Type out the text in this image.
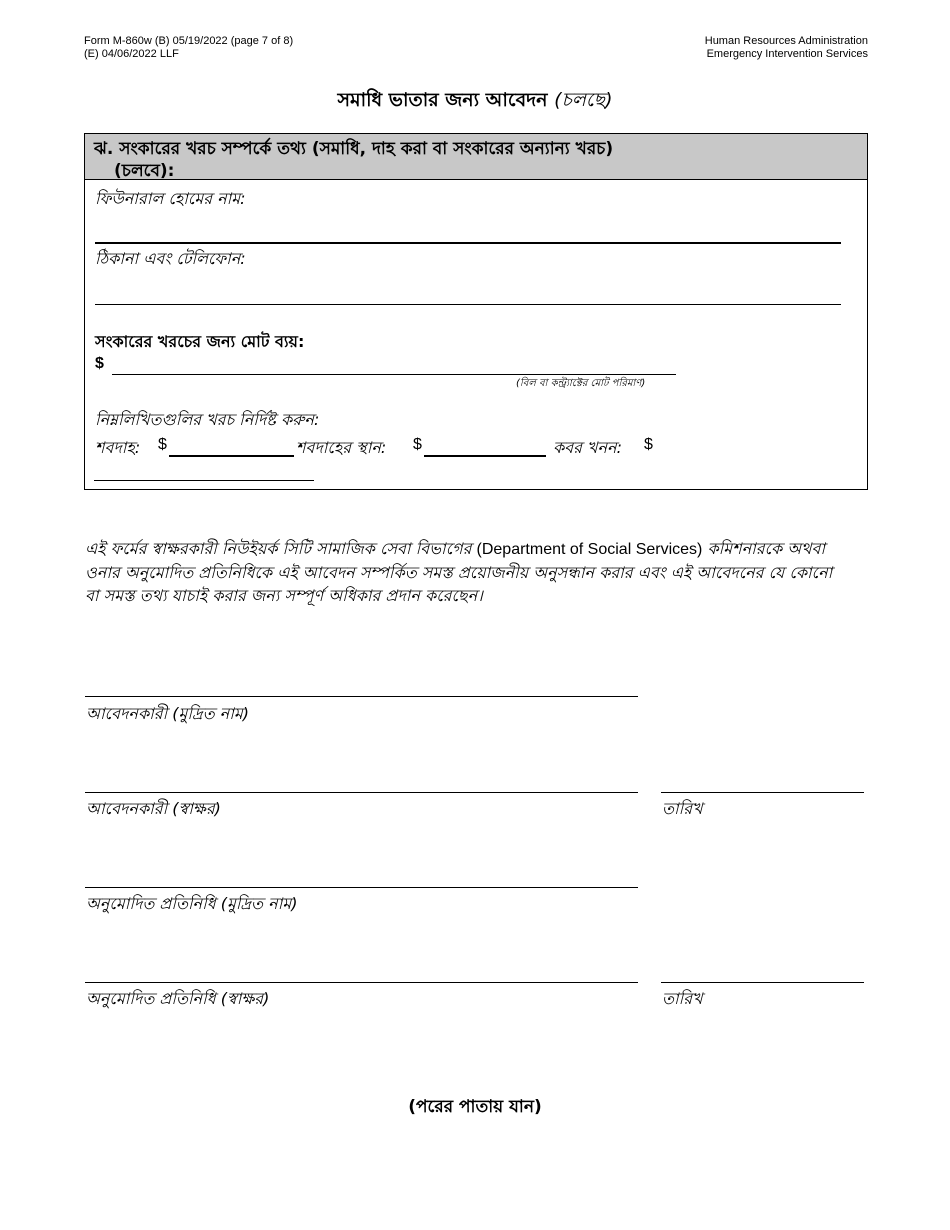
Form M-860w (B) 05/19/2022 (page 7 of 8)
(E) 04/06/2022 LLF
Human Resources Administration
Emergency Intervention Services
সমাধি ভাতার জন্য আবেদন (চলছে)
ঝ. সংকারের খরচ সম্পর্কে তথ্য (সমাধি, দাহ করা বা সংকারের অন্যান্য খরচ)
(চলবে):
ফিউনারাল হোমের নাম:
ঠিকানা এবং টেলিফোন:
সংকারের খরচের জন্য মোট ব্যয়:
$
(বিল বা কন্ট্র্যাক্টের মোট পরিমাণ)
নিম্নলিখিতগুলির খরচ নির্দিষ্ট করুন:
শবদাহ: $	শবদাহের স্থান: $	কবর খনন: $
এই ফর্মের স্বাক্ষরকারী নিউইয়র্ক সিটি সামাজিক সেবা বিভাগের (Department of Social Services) কমিশনারকে অথবা ওনার অনুমোদিত প্রতিনিধিকে এই আবেদন সম্পর্কিত সমস্ত প্রয়োজনীয় অনুসন্ধান করার এবং এই আবেদনের যে কোনো বা সমস্ত তথ্য যাচাই করার জন্য সম্পূর্ণ অধিকার প্রদান করেছেন।
আবেদনকারী (মুদ্রিত নাম)
আবেদনকারী (স্বাক্ষর)	তারিখ
অনুমোদিত প্রতিনিধি (মুদ্রিত নাম)
অনুমোদিত প্রতিনিধি (স্বাক্ষর)	তারিখ
(পরের পাতায় যান)
